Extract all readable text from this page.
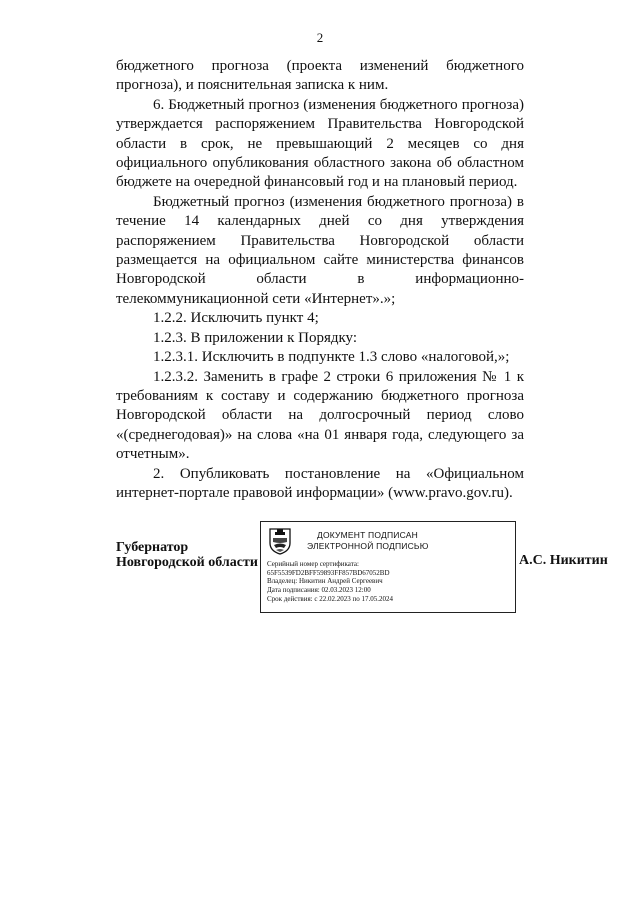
2

бюджетного прогноза (проекта изменений бюджетного прогноза), и пояснительная записка к ним.

6. Бюджетный прогноз (изменения бюджетного прогноза) утверждается распоряжением Правительства Новгородской области в срок, не превышающий 2 месяцев со дня официального опубликования областного закона об областном бюджете на очередной финансовый год и на плановый период.

Бюджетный прогноз (изменения бюджетного прогноза) в течение 14 календарных дней со дня утверждения распоряжением Правительства Новгородской области размещается на официальном сайте министерства финансов Новгородской области в информационно-телекоммуникационной сети «Интернет».»;

1.2.2. Исключить пункт 4;

1.2.3. В приложении к Порядку:

1.2.3.1. Исключить в подпункте 1.3 слово «налоговой,»;

1.2.3.2. Заменить в графе 2 строки 6 приложения № 1 к требованиям к составу и содержанию бюджетного прогноза Новгородской области на долгосрочный период слово «(среднегодовая)» на слова «на 01 января года, следующего за отчетным».

2. Опубликовать постановление на «Официальном интернет-портале правовой информации» (www.pravo.gov.ru).

Губернатор
Новгородской области
ДОКУМЕНТ ПОДПИСАН
ЭЛЕКТРОННОЙ ПОДПИСЬЮ
Серийный номер сертификата:
65F5539FD2BFF59893FF857BD67052BD
Владелец: Никитин Андрей Сергеевич
Дата подписания: 02.03.2023 12:00
Срок действия: с 22.02.2023 по 17.05.2024
А.С. Никитин
